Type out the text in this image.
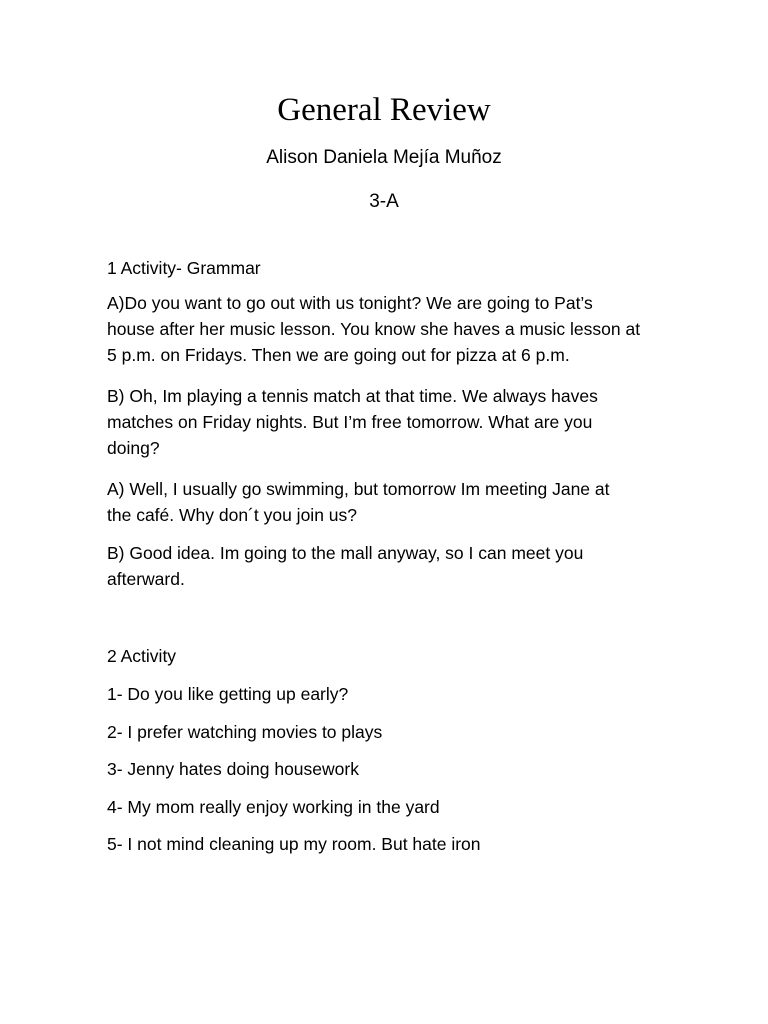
General Review
Alison Daniela Mejía Muñoz
3-A

1 Activity- Grammar

A)Do you want to go out with us tonight? We are going to Pat’s
house after her music lesson. You know she haves a music lesson at
5 p.m. on Fridays. Then we are going out for pizza at 6 p.m.

B) Oh, Im playing a tennis match at that time. We always haves
matches on Friday nights. But I’m free tomorrow. What are you
doing?

A) Well, I usually go swimming, but tomorrow Im meeting Jane at
the café. Why don´t you join us?

B) Good idea. Im going to the mall anyway, so I can meet you
afterward.

2 Activity

1- Do you like getting up early?

2- I prefer watching movies to plays

3- Jenny hates doing housework

4- My mom really enjoy working in the yard

5- I not mind cleaning up my room. But hate iron
